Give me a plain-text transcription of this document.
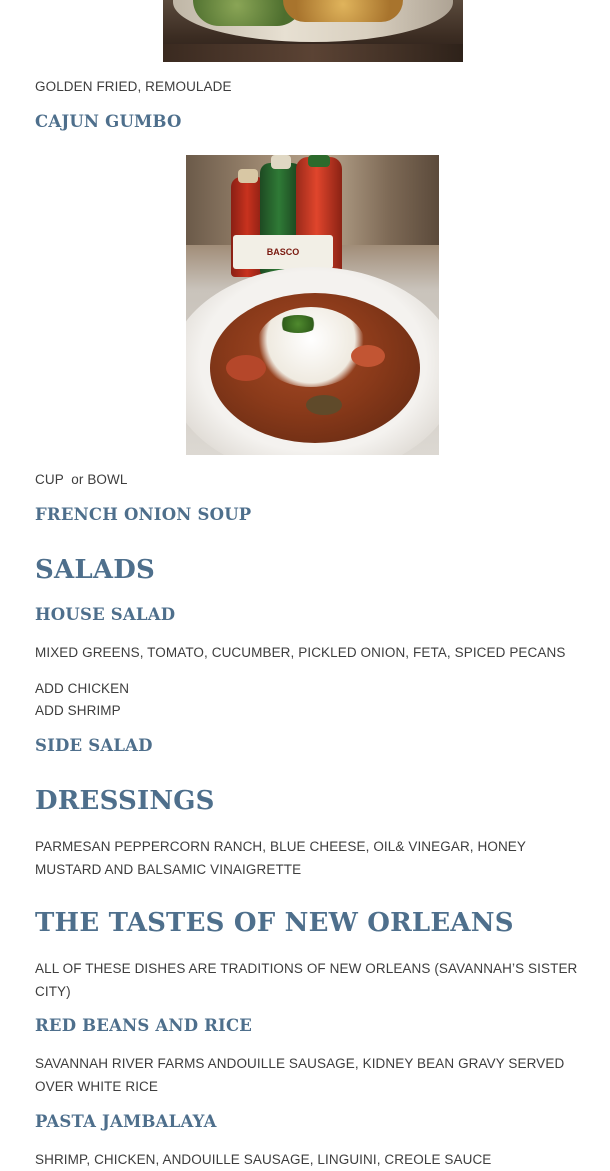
GOLDEN FRIED, REMOULADE

CAJUN GUMBO
BASCO

CUP  or BOWL

FRENCH ONION SOUP
SALADS
HOUSE SALAD

MIXED GREENS, TOMATO, CUCUMBER, PICKLED ONION, FETA, SPICED PECANS

ADD CHICKEN

ADD SHRIMP

SIDE SALAD
DRESSINGS

PARMESAN PEPPERCORN RANCH, BLUE CHEESE, OIL& VINEGAR, HONEY MUSTARD AND BALSAMIC VINAIGRETTE

THE TASTES OF NEW ORLEANS

ALL OF THESE DISHES ARE TRADITIONS OF NEW ORLEANS (SAVANNAH’S SISTER CITY)

RED BEANS AND RICE

SAVANNAH RIVER FARMS ANDOUILLE SAUSAGE, KIDNEY BEAN GRAVY SERVED OVER WHITE RICE

PASTA JAMBALAYA

SHRIMP, CHICKEN, ANDOUILLE SAUSAGE, LINGUINI, CREOLE SAUCE
